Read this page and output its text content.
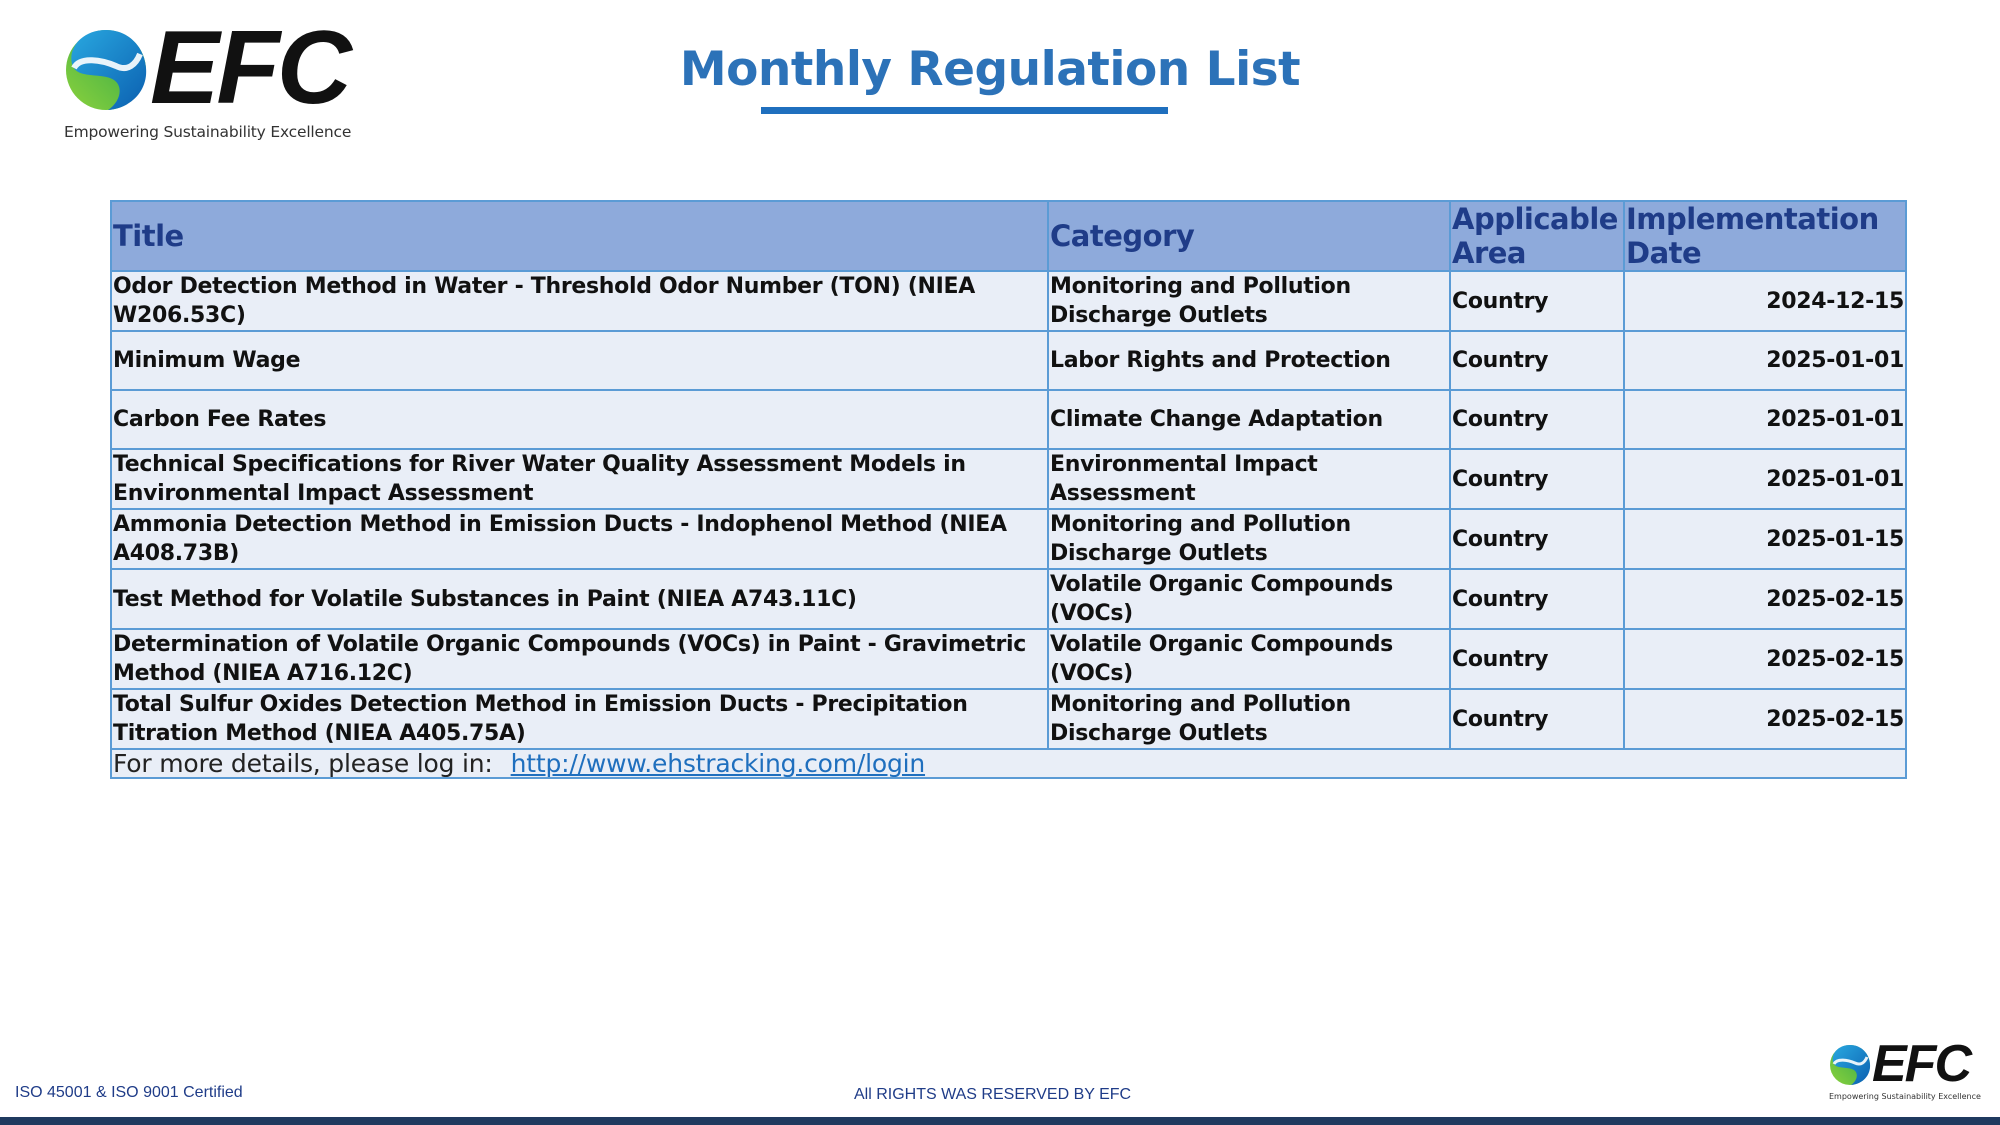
EFC
Empowering Sustainability Excellence
Monthly Regulation List
Title	Category	Applicable Area	Implementation Date
Odor Detection Method in Water - Threshold Odor Number (TON) (NIEA W206.53C)	Monitoring and Pollution Discharge Outlets	Country	2024-12-15
Minimum Wage	Labor Rights and Protection	Country	2025-01-01
Carbon Fee Rates	Climate Change Adaptation	Country	2025-01-01
Technical Specifications for River Water Quality Assessment Models in Environmental Impact Assessment	Environmental Impact Assessment	Country	2025-01-01
Ammonia Detection Method in Emission Ducts - Indophenol Method (NIEA A408.73B)	Monitoring and Pollution Discharge Outlets	Country	2025-01-15
Test Method for Volatile Substances in Paint (NIEA A743.11C)	Volatile Organic Compounds (VOCs)	Country	2025-02-15
Determination of Volatile Organic Compounds (VOCs) in Paint - Gravimetric Method (NIEA A716.12C)	Volatile Organic Compounds (VOCs)	Country	2025-02-15
Total Sulfur Oxides Detection Method in Emission Ducts - Precipitation Titration Method (NIEA A405.75A)	Monitoring and Pollution Discharge Outlets	Country	2025-02-15
For more details, please log in: http://www.ehstracking.com/login			
ISO 45001 & ISO 9001 Certified	All RIGHTS WAS RESERVED BY EFC
EFC
Empowering Sustainability Excellence
